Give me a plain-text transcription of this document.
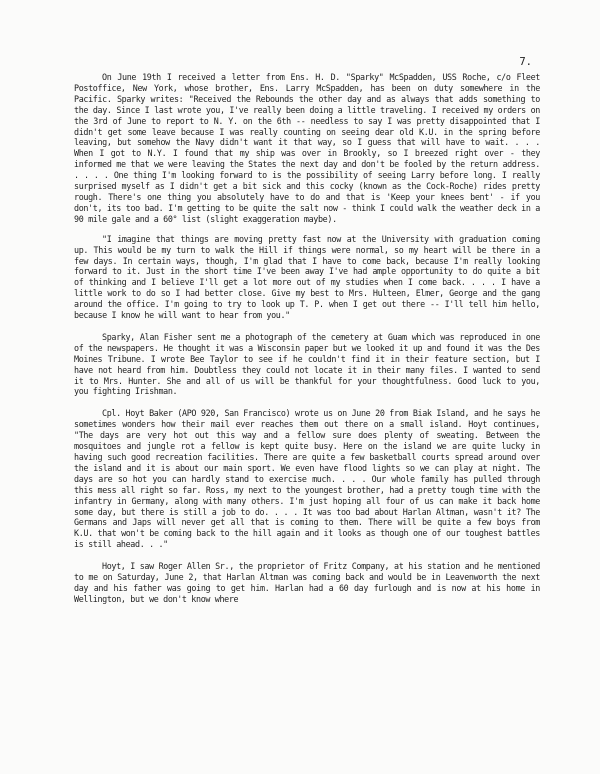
7.

On June 19th I received a letter from Ens. H. D. "Sparky" McSpadden, USS Roche, c/o Fleet Postoffice, New York, whose brother, Ens. Larry McSpadden, has been on duty somewhere in the Pacific. Sparky writes: "Received the Rebounds the other day and as always that adds something to the day. Since I last wrote you, I've really been doing a little traveling. I received my orders on the 3rd of June to report to N. Y. on the 6th -- needless to say I was pretty disappointed that I didn't get some leave because I was really counting on seeing dear old K.U. in the spring before leaving, but somehow the Navy didn't want it that way, so I guess that will have to wait. . . . When I got to N.Y. I found that my ship was over in Brookly, so I breezed right over - they informed me that we were leaving the States the next day and don't be fooled by the return address. . . . . One thing I'm looking forward to is the possibility of seeing Larry before long. I really surprised myself as I didn't get a bit sick and this cocky (known as the Cock-Roche) rides pretty rough. There's one thing you absolutely have to do and that is 'Keep your knees bent' - if you don't, its too bad. I'm getting to be quite the salt now - think I could walk the weather deck in a 90 mile gale and a 60° list (slight exaggeration maybe).

"I imagine that things are moving pretty fast now at the University with graduation coming up. This would be my turn to walk the Hill if things were normal, so my heart will be there in a few days. In certain ways, though, I'm glad that I have to come back, because I'm really looking forward to it. Just in the short time I've been away I've had ample opportunity to do quite a bit of thinking and I believe I'll get a lot more out of my studies when I come back. . . . I have a little work to do so I had better close. Give my best to Mrs. Hulteen, Elmer, George and the gang around the office. I'm going to try to look up T. P. when I get out there -- I'll tell him hello, because I know he will want to hear from you."

Sparky, Alan Fisher sent me a photograph of the cemetery at Guam which was reproduced in one of the newspapers. He thought it was a Wisconsin paper but we looked it up and found it was the Des Moines Tribune. I wrote Bee Taylor to see if he couldn't find it in their feature section, but I have not heard from him. Doubtless they could not locate it in their many files. I wanted to send it to Mrs. Hunter. She and all of us will be thankful for your thoughtfulness. Good luck to you, you fighting Irishman.

Cpl. Hoyt Baker (APO 920, San Francisco) wrote us on June 20 from Biak Island, and he says he sometimes wonders how their mail ever reaches them out there on a small island. Hoyt continues, "The days are very hot out this way and a fellow sure does plenty of sweating. Between the mosquitoes and jungle rot a fellow is kept quite busy. Here on the island we are quite lucky in having such good recreation facilities. There are quite a few basketball courts spread around over the island and it is about our main sport. We even have flood lights so we can play at night. The days are so hot you can hardly stand to exercise much. . . . Our whole family has pulled through this mess all right so far. Ross, my next to the youngest brother, had a pretty tough time with the infantry in Germany, along with many others. I'm just hoping all four of us can make it back home some day, but there is still a job to do. . . . It was too bad about Harlan Altman, wasn't it? The Germans and Japs will never get all that is coming to them. There will be quite a few boys from K.U. that won't be coming back to the hill again and it looks as though one of our toughest battles is still ahead. . ."

Hoyt, I saw Roger Allen Sr., the proprietor of Fritz Company, at his station and he mentioned to me on Saturday, June 2, that Harlan Altman was coming back and would be in Leavenworth the next day and his father was going to get him. Harlan had a 60 day furlough and is now at his home in Wellington, but we don't know where
